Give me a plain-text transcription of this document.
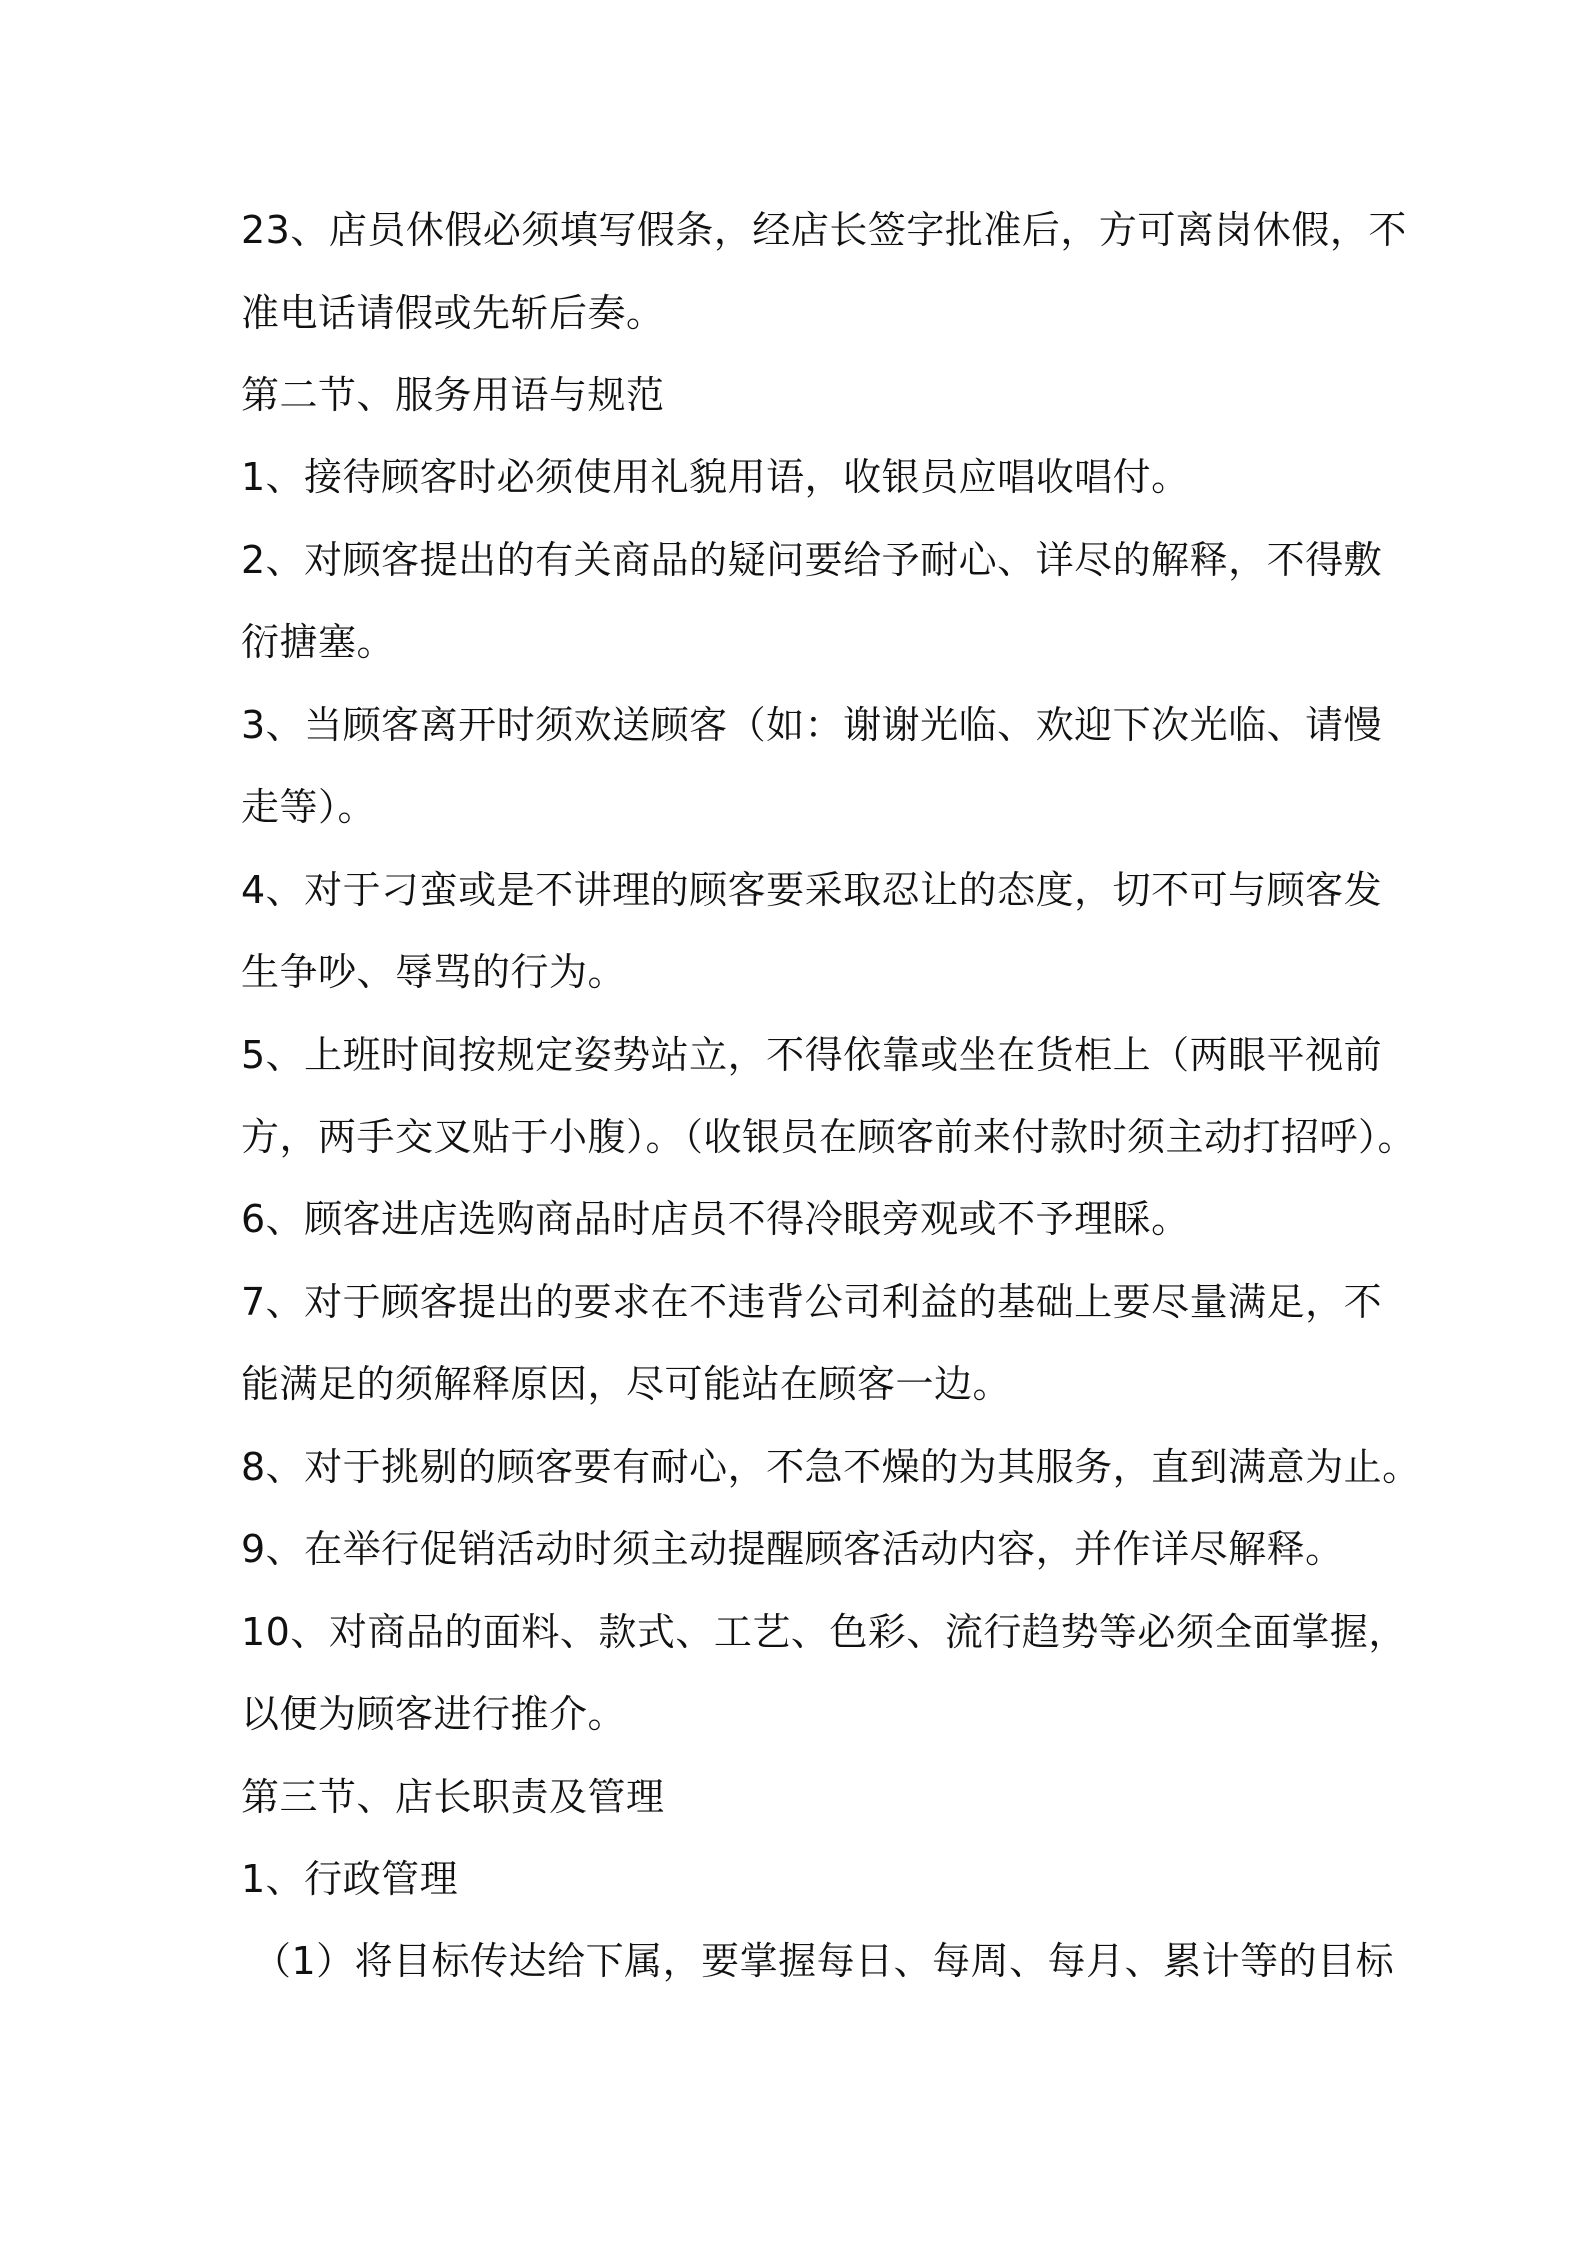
23、店员休假必须填写假条，经店长签字批准后，方可离岗休假，不
准电话请假或先斩后奏。
第二节、服务用语与规范
1、接待顾客时必须使用礼貌用语，收银员应唱收唱付。
2、对顾客提出的有关商品的疑问要给予耐心、详尽的解释，不得敷
衍搪塞。
3、当顾客离开时须欢送顾客（如：谢谢光临、欢迎下次光临、请慢
走等）。
4、对于刁蛮或是不讲理的顾客要采取忍让的态度，切不可与顾客发
生争吵、辱骂的行为。
5、上班时间按规定姿势站立，不得依靠或坐在货柜上（两眼平视前
方，两手交叉贴于小腹）。（收银员在顾客前来付款时须主动打招呼）。
6、顾客进店选购商品时店员不得冷眼旁观或不予理睬。
7、对于顾客提出的要求在不违背公司利益的基础上要尽量满足，不
能满足的须解释原因，尽可能站在顾客一边。
8、对于挑剔的顾客要有耐心，不急不燥的为其服务，直到满意为止。
9、在举行促销活动时须主动提醒顾客活动内容，并作详尽解释。
10、对商品的面料、款式、工艺、色彩、流行趋势等必须全面掌握，
以便为顾客进行推介。
第三节、店长职责及管理
1、行政管理
（1）将目标传达给下属，要掌握每日、每周、每月、累计等的目标
